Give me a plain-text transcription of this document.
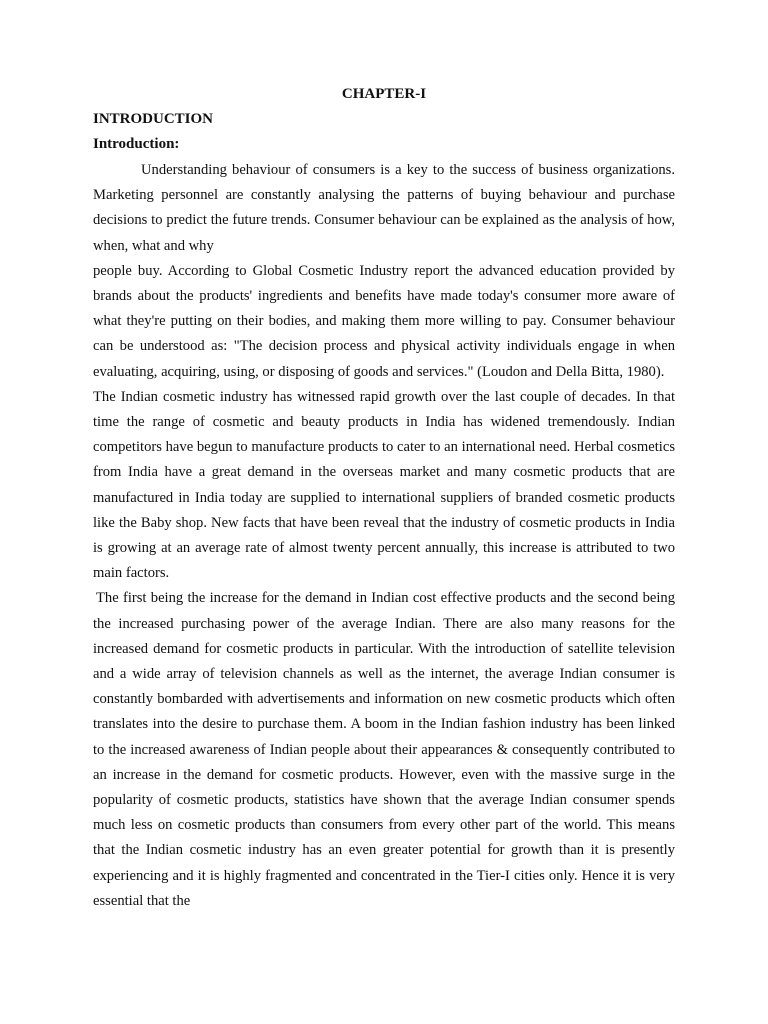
CHAPTER-I
INTRODUCTION
Introduction:

Understanding behaviour of consumers is a key to the success of business organizations. Marketing personnel are constantly analysing the patterns of buying behaviour and purchase decisions to predict the future trends. Consumer behaviour can be explained as the analysis of how, when, what and why

people buy. According to Global Cosmetic Industry report the advanced education provided by brands about the products' ingredients and benefits have made today's consumer more aware of what they're putting on their bodies, and making them more willing to pay. Consumer behaviour can be understood as: "The decision process and physical activity individuals engage in when evaluating, acquiring, using, or disposing of goods and services." (Loudon and Della Bitta, 1980).

The Indian cosmetic industry has witnessed rapid growth over the last couple of decades. In that time the range of cosmetic and beauty products in India has widened tremendously. Indian competitors have begun to manufacture products to cater to an international need. Herbal cosmetics from India have a great demand in the overseas market and many cosmetic products that are manufactured in India today are supplied to international suppliers of branded cosmetic products like the Baby shop. New facts that have been reveal that the industry of cosmetic products in India is growing at an average rate of almost twenty percent annually, this increase is attributed to two main factors.

The first being the increase for the demand in Indian cost effective products and the second being the increased purchasing power of the average Indian. There are also many reasons for the increased demand for cosmetic products in particular. With the introduction of satellite television and a wide array of television channels as well as the internet, the average Indian consumer is constantly bombarded with advertisements and information on new cosmetic products which often translates into the desire to purchase them. A boom in the Indian fashion industry has been linked to the increased awareness of Indian people about their appearances & consequently contributed to an increase in the demand for cosmetic products. However, even with the massive surge in the popularity of cosmetic products, statistics have shown that the average Indian consumer spends much less on cosmetic products than consumers from every other part of the world. This means that the Indian cosmetic industry has an even greater potential for growth than it is presently experiencing and it is highly fragmented and concentrated in the Tier-I cities only. Hence it is very essential that the
